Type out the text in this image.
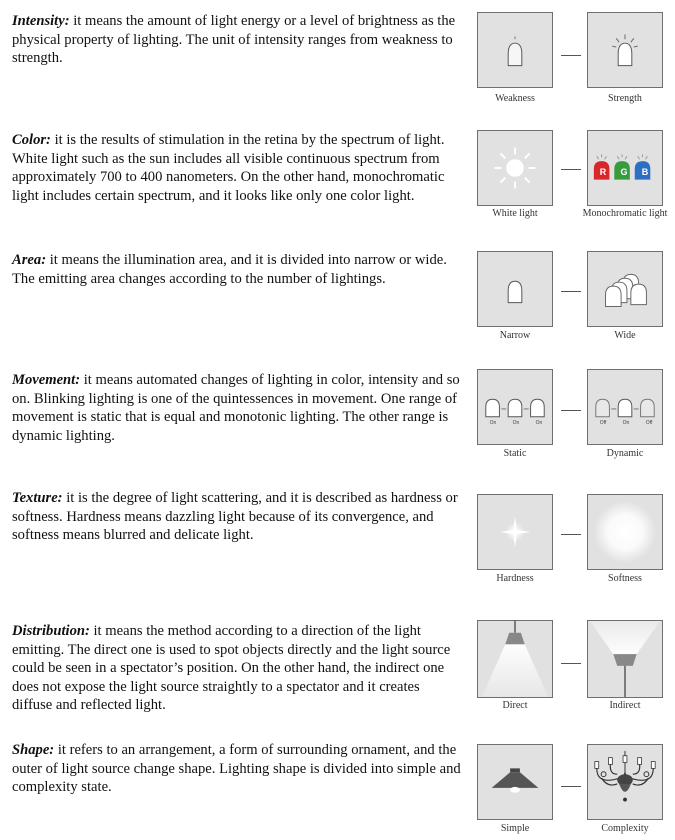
Intensity: it means the amount of light energy or a level of brightness as the physical property of lighting. The unit of intensity ranges from weakness to strength.

Weakness	Strength

Color: it is the results of stimulation in the retina by the spectrum of light. White light such as the sun includes all visible continuous spectrum from approximately 700 to 400 nanometers. On the other hand, monochromatic light includes certain spectrum, and it looks like only one color light.

R	G	B
White light	Monochromatic light

Area: it means the illumination area, and it is divided into narrow or wide. The emitting area changes according to the number of lightings.

Narrow	Wide

Movement: it means automated changes of lighting in color, intensity and so on. Blinking lighting is one of the quintessences in movement. One range of movement is static that is equal and monotonic lighting. The other range is dynamic lighting.

On	On	On	Off	On	Off
Static	Dynamic

Texture: it is the degree of light scattering, and it is described as hardness or softness. Hardness means dazzling light because of its convergence, and softness means blurred and delicate light.

Hardness	Softness

Distribution: it means the method according to a direction of the light emitting. The direct one is used to spot objects directly and the light source could be seen in a spectator’s position. On the other hand, the indirect one does not expose the light source straightly to a spectator and it creates diffuse and reflected light.	Direct	Indirect

Shape: it refers to an arrangement, a form of surrounding ornament, and the outer of light source change shape. Lighting shape is divided into simple and complexity state.

Simple	Complexity
